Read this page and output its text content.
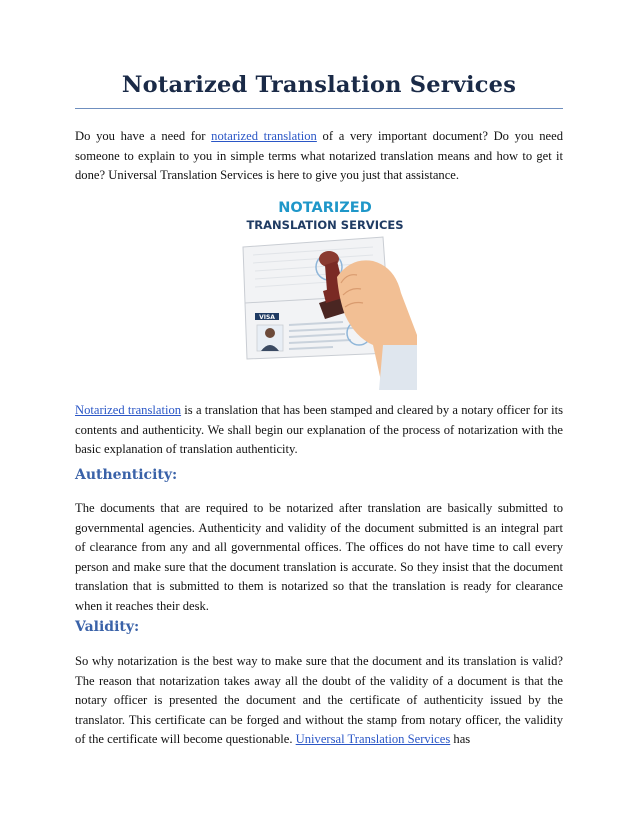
Notarized Translation Services

Do you have a need for notarized translation of a very important document? Do you need someone to explain to you in simple terms what notarized translation means and how to get it done? Universal Translation Services is here to give you just that assistance.

NOTARIZED
TRANSLATION SERVICES
VISA

Notarized translation is a translation that has been stamped and cleared by a notary officer for its contents and authenticity. We shall begin our explanation of the process of notarization with the basic explanation of translation authenticity.

Authenticity:

The documents that are required to be notarized after translation are basically submitted to governmental agencies. Authenticity and validity of the document submitted is an integral part of clearance from any and all governmental offices. The offices do not have time to call every person and make sure that the document translation is accurate. So they insist that the document translation that is submitted to them is notarized so that the translation is ready for clearance when it reaches their desk.

Validity:

So why notarization is the best way to make sure that the document and its translation is valid? The reason that notarization takes away all the doubt of the validity of a document is that the notary officer is presented the document and the certificate of authenticity issued by the translator. This certificate can be forged and without the stamp from notary officer, the validity of the certificate will become questionable. Universal Translation Services has
